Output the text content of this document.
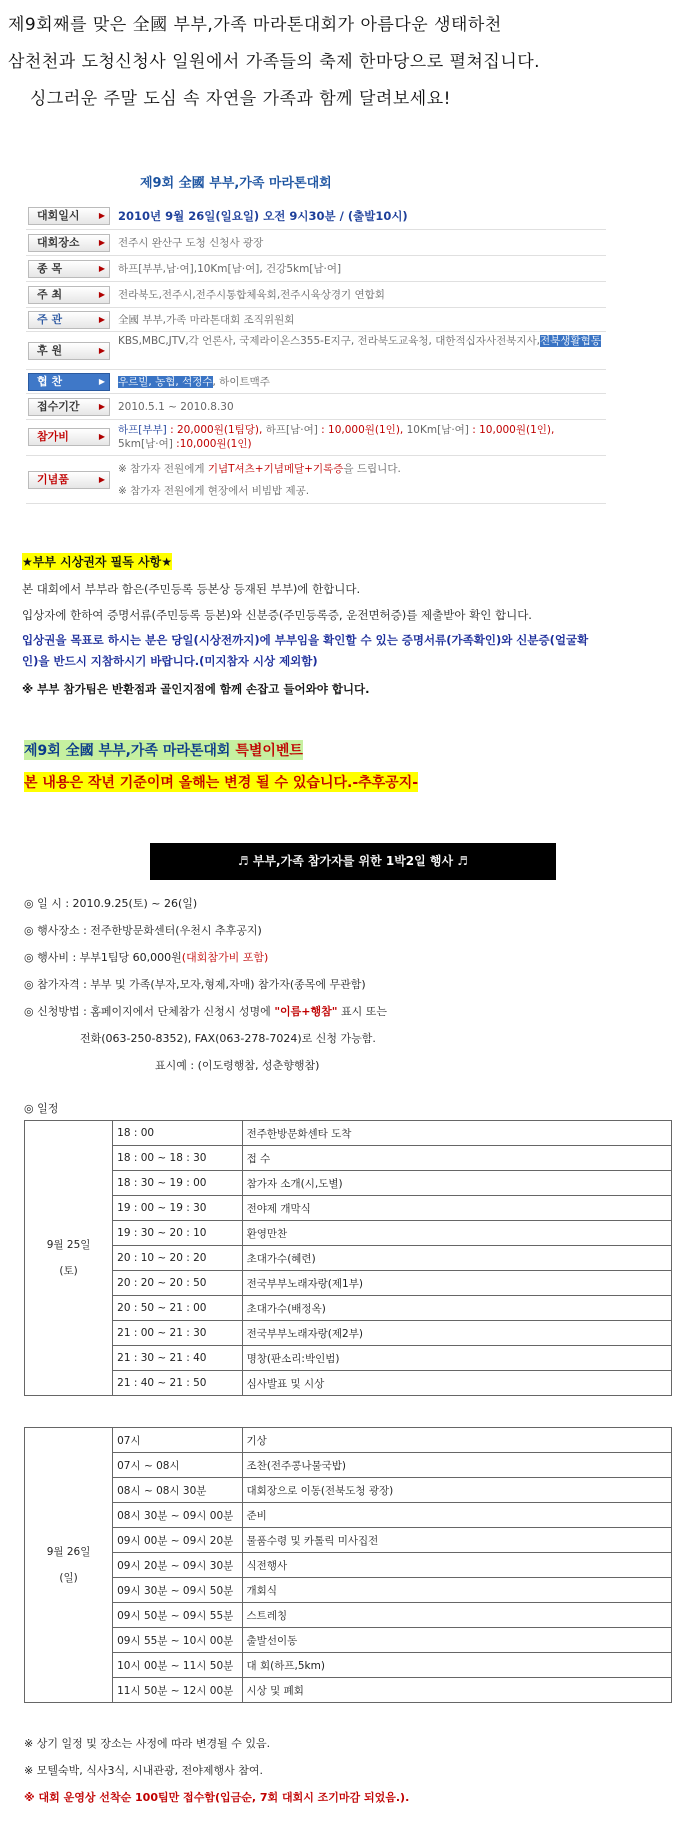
제9회째를 맞은 全國 부부,가족 마라톤대회가 아름다운 생태하천
삼천천과 도청신청사 일원에서 가족들의 축제 한마당으로 펼쳐집니다.
싱그러운 주말 도심 속 자연을 가족과 함께 달려보세요!
제9회 全國 부부,가족 마라톤대회
대회일시 ▶ 2010년 9월 26일(일요일) 오전 9시30분 / (출발10시)
대회장소 ▶ 전주시 완산구 도청 신청사 광장
종 목	▶ 하프[부부,남·여],10Km[남·여], 건강5km[남·여]
주 최	▶ 전라북도,전주시,전주시통합체육회,전주시육상경기 연합회
주 관	▶ 全國 부부,가족 마라톤대회 조직위원회
후 원	▶
KBS,MBC,JTV,각 언론사, 국제라이온스355-E지구, 전라북도교육청, 대한적십자사전북지사,전북생활협동
협 찬	▶ 우르빌, 농협, 석정수, 하이트맥주
접수기간 ▶ 2010.5.1 ~ 2010.8.30
참가비	▶
하프[부부] : 20,000원(1팀당), 하프[남·여] : 10,000원(1인), 10Km[남·여] : 10,000원(1인),
5km[남·여] :10,000원(1인)
기념품	▶
※ 참가자 전원에게 기념T셔츠+기념메달+기록증을 드립니다.
※ 참가자 전원에게 현장에서 비빔밥 제공.
★부부 시상권자 필독 사항★
본 대회에서 부부라 함은(주민등록 등본상 등재된 부부)에 한합니다.
입상자에 한하여 증명서류(주민등록 등본)와 신분증(주민등록증, 운전면허증)를 제출받아 확인 합니다.
입상권을 목표로 하시는 분은 당일(시상전까지)에 부부임을 확인할 수 있는 증명서류(가족확인)와 신분증(얼굴확인)을 반드시 지참하시기 바랍니다.(미지참자 시상 제외함)
※ 부부 참가팀은 반환점과 골인지점에 함께 손잡고 들어와야 합니다.
제9회 全國 부부,가족 마라톤대회 특별이벤트
본 내용은 작년 기준이며 올해는 변경 될 수 있습니다.-추후공지-
♬ 부부,가족 참가자를 위한 1박2일 행사 ♬
◎ 일 시 : 2010.9.25(토) ~ 26(일)
◎ 행사장소 : 전주한방문화센터(우천시 추후공지)
◎ 행사비 : 부부1팀당 60,000원(대회참가비 포함)
◎ 참가자격 : 부부 및 가족(부자,모자,형제,자매) 참가자(종목에 무관함)
◎ 신청방법 : 홈페이지에서 단체참가 신청시 성명에 "이름+행참" 표시 또는
전화(063-250-8352), FAX(063-278-7024)로 신청 가능함.
표시예 : (이도령행참, 성춘향행참)
◎ 일정
9월 25일
(토)	18 : 00	전주한방문화센타 도착
	18 : 00 ~ 18 : 30	접 수
	18 : 30 ~ 19 : 00	참가자 소개(시,도별)
	19 : 00 ~ 19 : 30	전야제 개막식
	19 : 30 ~ 20 : 10	환영만찬
	20 : 10 ~ 20 : 20	초대가수(혜련)
	20 : 20 ~ 20 : 50	전국부부노래자랑(제1부)
	20 : 50 ~ 21 : 00	초대가수(배정옥)
	21 : 00 ~ 21 : 30	전국부부노래자랑(제2부)
	21 : 30 ~ 21 : 40	명창(판소리:박인범)
	21 : 40 ~ 21 : 50	심사발표 및 시상
9월 26일
(일)	07시	기상
	07시 ~ 08시	조찬(전주콩나물국밥)
	08시 ~ 08시 30분	대회장으로 이동(전북도청 광장)
	08시 30분 ~ 09시 00분	준비
	09시 00분 ~ 09시 20분	물품수령 및 카톨릭 미사집전
	09시 20분 ~ 09시 30분	식전행사
	09시 30분 ~ 09시 50분	개회식
	09시 50분 ~ 09시 55분	스트레칭
	09시 55분 ~ 10시 00분	출발선이동
	10시 00분 ~ 11시 50분	대 회(하프,5km)
	11시 50분 ~ 12시 00분	시상 및 폐회
※ 상기 일정 및 장소는 사정에 따라 변경될 수 있음.
※ 모텔숙박, 식사3식, 시내관광, 전야제행사 참여.
※ 대회 운영상 선착순 100팀만 접수함(입금순, 7회 대회시 조기마감 되었음.).
